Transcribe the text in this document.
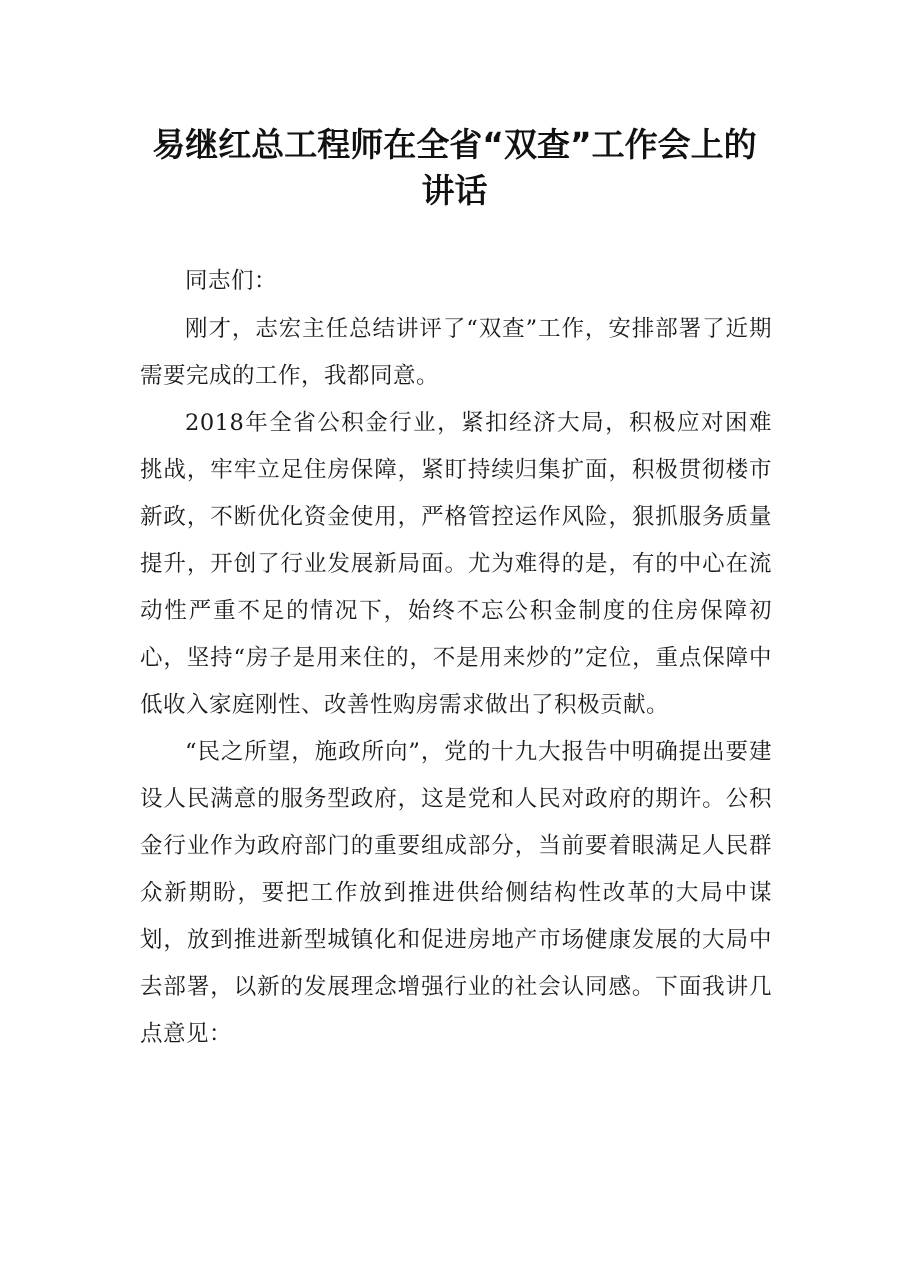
易继红总工程师在全省“双查”工作会上的讲话

同志们：

刚才，志宏主任总结讲评了“双查”工作，安排部署了近期需要完成的工作，我都同意。

2018年全省公积金行业，紧扣经济大局，积极应对困难挑战，牢牢立足住房保障，紧盯持续归集扩面，积极贯彻楼市新政，不断优化资金使用，严格管控运作风险，狠抓服务质量提升，开创了行业发展新局面。尤为难得的是，有的中心在流动性严重不足的情况下，始终不忘公积金制度的住房保障初心，坚持“房子是用来住的，不是用来炒的”定位，重点保障中低收入家庭刚性、改善性购房需求做出了积极贡献。

“民之所望，施政所向”，党的十九大报告中明确提出要建设人民满意的服务型政府，这是党和人民对政府的期许。公积金行业作为政府部门的重要组成部分，当前要着眼满足人民群众新期盼，要把工作放到推进供给侧结构性改革的大局中谋划，放到推进新型城镇化和促进房地产市场健康发展的大局中去部署，以新的发展理念增强行业的社会认同感。下面我讲几点意见：
